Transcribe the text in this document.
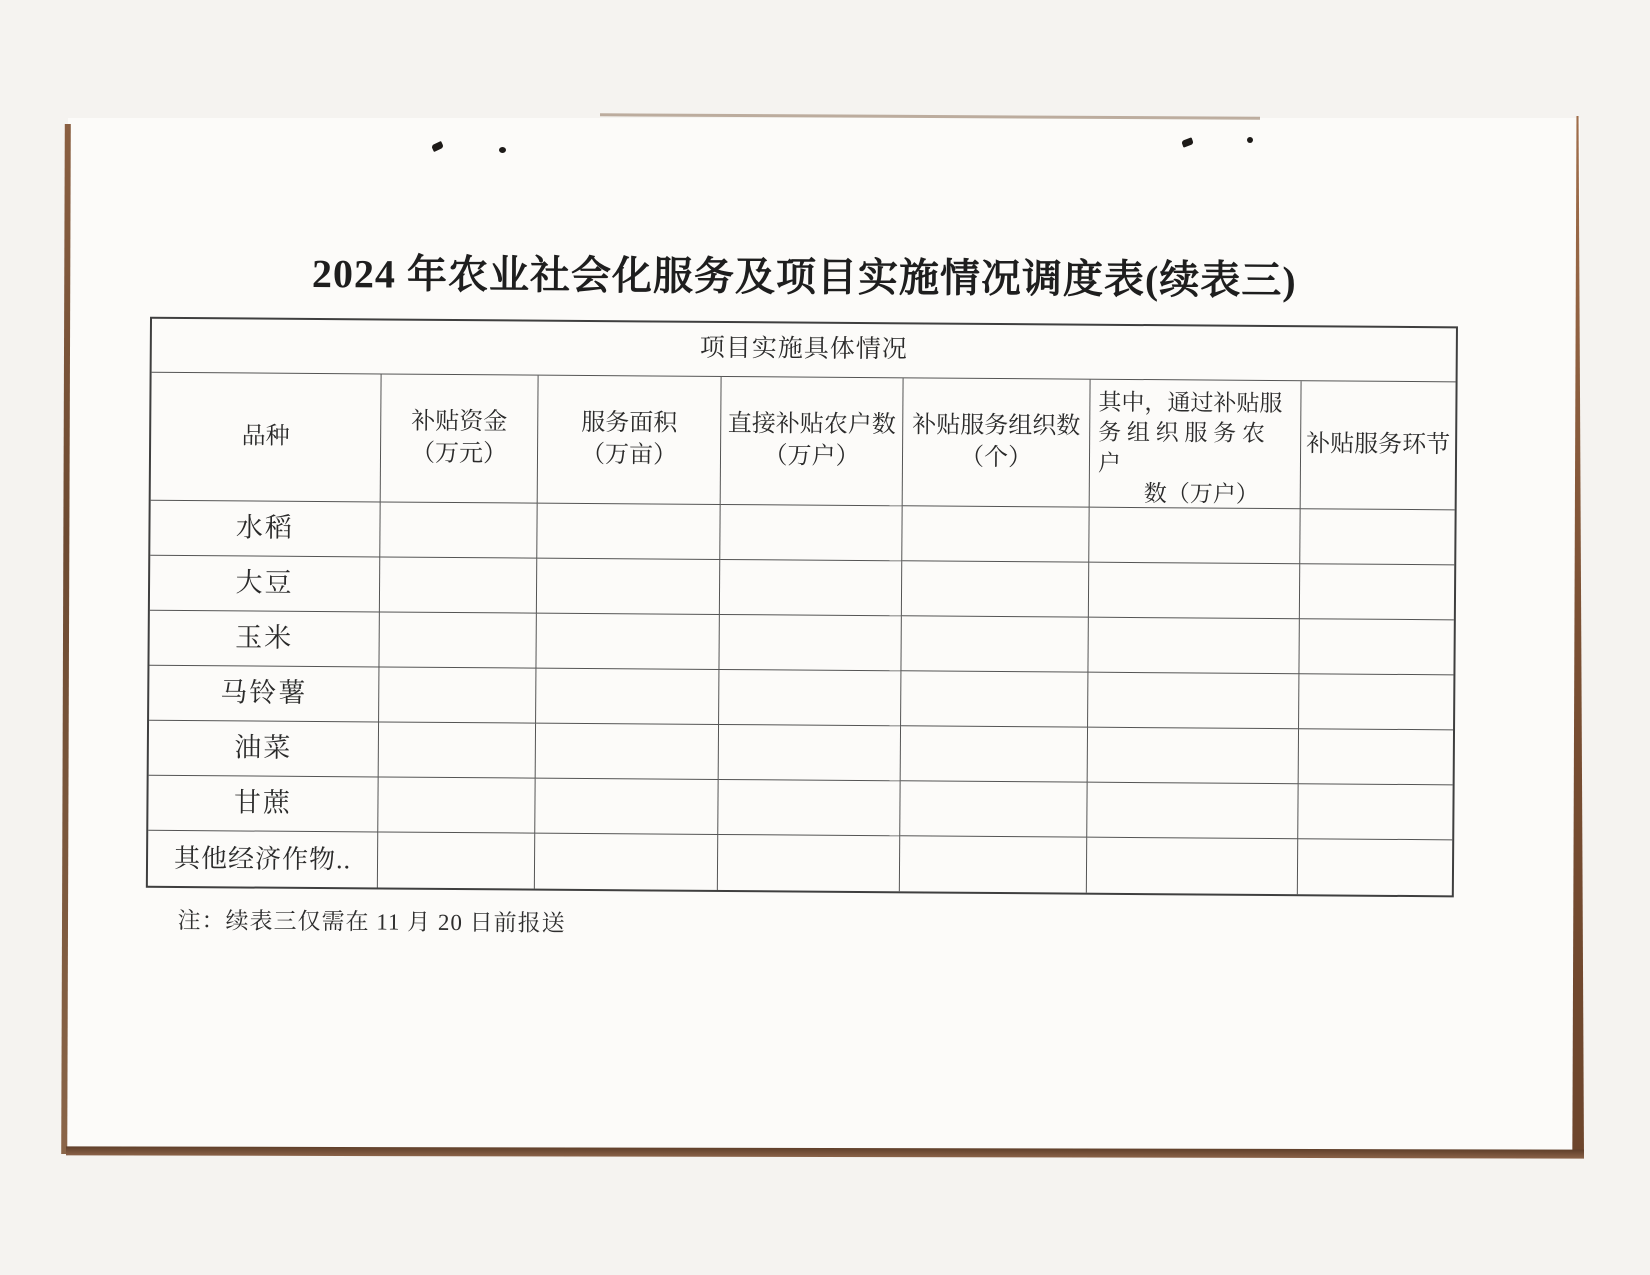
2024 年农业社会化服务及项目实施情况调度表(续表三)
项目实施具体情况
品种
补贴资金
（万元）
服务面积
（万亩）
直接补贴农户数
（万户）
补贴服务组织数
（个）
其中，通过补贴服
务 组 织 服 务 农
户
　　数（万户）
补贴服务环节
水稻
大豆
玉米
马铃薯
油菜
甘蔗
其他经济作物..
注：续表三仅需在 11 月 20 日前报送
